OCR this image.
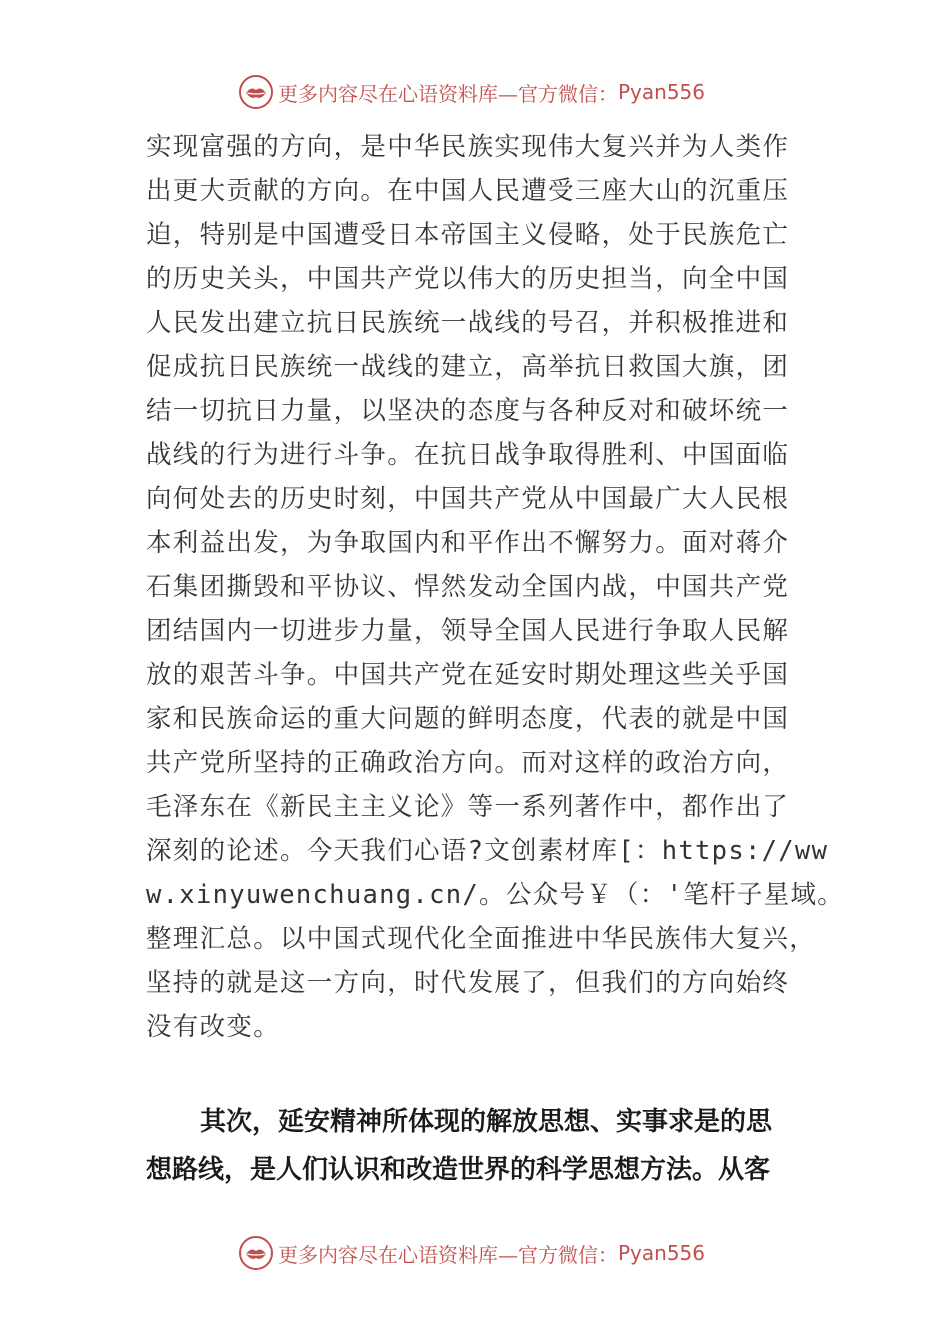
更多内容尽在心语资料库—官方微信： Pyan556
实现富强的方向，是中华民族实现伟大复兴并为人类作
出更大贡献的方向。在中国人民遭受三座大山的沉重压
迫，特别是中国遭受日本帝国主义侵略，处于民族危亡
的历史关头，中国共产党以伟大的历史担当，向全中国
人民发出建立抗日民族统一战线的号召，并积极推进和
促成抗日民族统一战线的建立，高举抗日救国大旗，团
结一切抗日力量，以坚决的态度与各种反对和破坏统一
战线的行为进行斗争。在抗日战争取得胜利、中国面临
向何处去的历史时刻，中国共产党从中国最广大人民根
本利益出发，为争取国内和平作出不懈努力。面对蒋介
石集团撕毁和平协议、悍然发动全国内战，中国共产党
团结国内一切进步力量，领导全国人民进行争取人民解
放的艰苦斗争。中国共产党在延安时期处理这些关乎国
家和民族命运的重大问题的鲜明态度，代表的就是中国
共产党所坚持的正确政治方向。而对这样的政治方向，
毛泽东在《新民主主义论》等一系列著作中，都作出了
深刻的论述。今天我们心语?文创素材库[：https://ww
w.xinyuwenchuang.cn/。公众号￥（：'笔杆子星域。
整理汇总。以中国式现代化全面推进中华民族伟大复兴，
坚持的就是这一方向，时代发展了，但我们的方向始终
没有改变。
其次，延安精神所体现的解放思想、实事求是的思
想路线，是人们认识和改造世界的科学思想方法。从客
更多内容尽在心语资料库—官方微信： Pyan556
